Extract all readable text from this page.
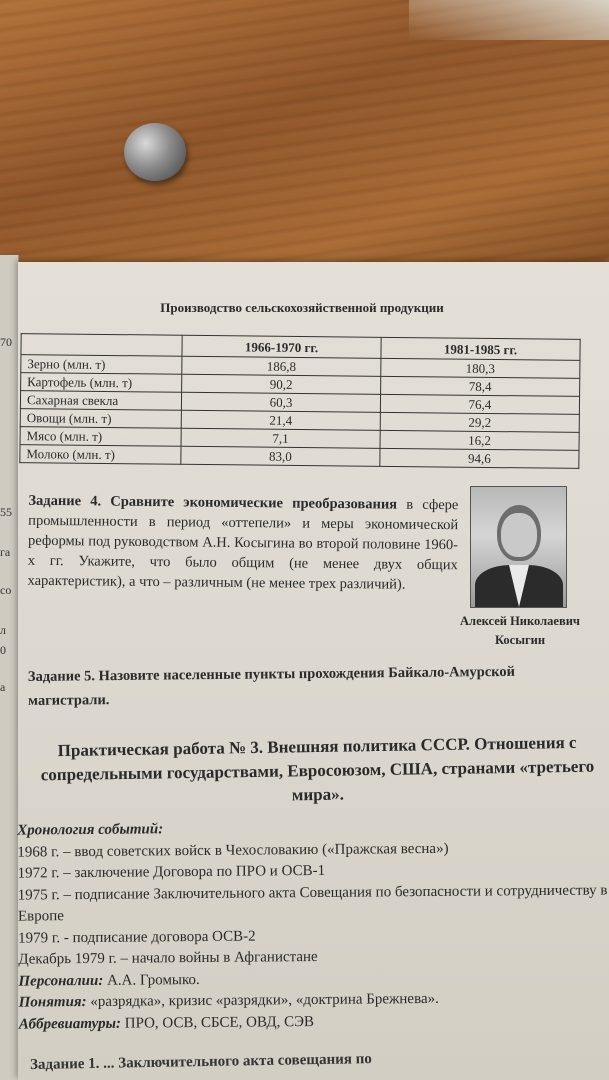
70
55
га
со
л
0
а
Производство сельскохозяйственной продукции
	1966-1970 гг.	1981-1985 гг.
Зерно (млн. т)	186,8	180,3
Картофель (млн. т)	90,2	78,4
Сахарная свекла	60,3	76,4
Овощи (млн. т)	21,4	29,2
Мясо (млн. т)	7,1	16,2
Молоко (млн. т)	83,0	94,6
Задание 4. Сравните экономические преобразования в сфере промышленности в период «оттепели» и меры экономической реформы под руководством А.Н. Косыгина во второй половине 1960-х гг. Укажите, что было общим (не менее двух общих характеристик), а что – различным (не менее трех различий).
Алексей Николаевич
Косыгин
Задание 5. Назовите населенные пункты прохождения Байкало-Амурской магистрали.
Практическая работа № 3. Внешняя политика СССР. Отношения с сопредельными государствами, Евросоюзом, США, странами «третьего мира».

Хронология событий:

1968 г. – ввод советских войск в Чехословакию («Пражская весна»)

1972 г. – заключение Договора по ПРО и ОСВ-1

1975 г. – подписание Заключительного акта Совещания по безопасности и сотрудничеству в Европе

1979 г. - подписание договора ОСВ-2

Декабрь 1979 г. – начало войны в Афганистане

Персоналии: А.А. Громыко.

Понятия: «разрядка», кризис «разрядки», «доктрина Брежнева».

Аббревиатуры: ПРО, ОСВ, СБСЕ, ОВД, СЭВ

Задание 1. ... Заключительного акта совещания по
